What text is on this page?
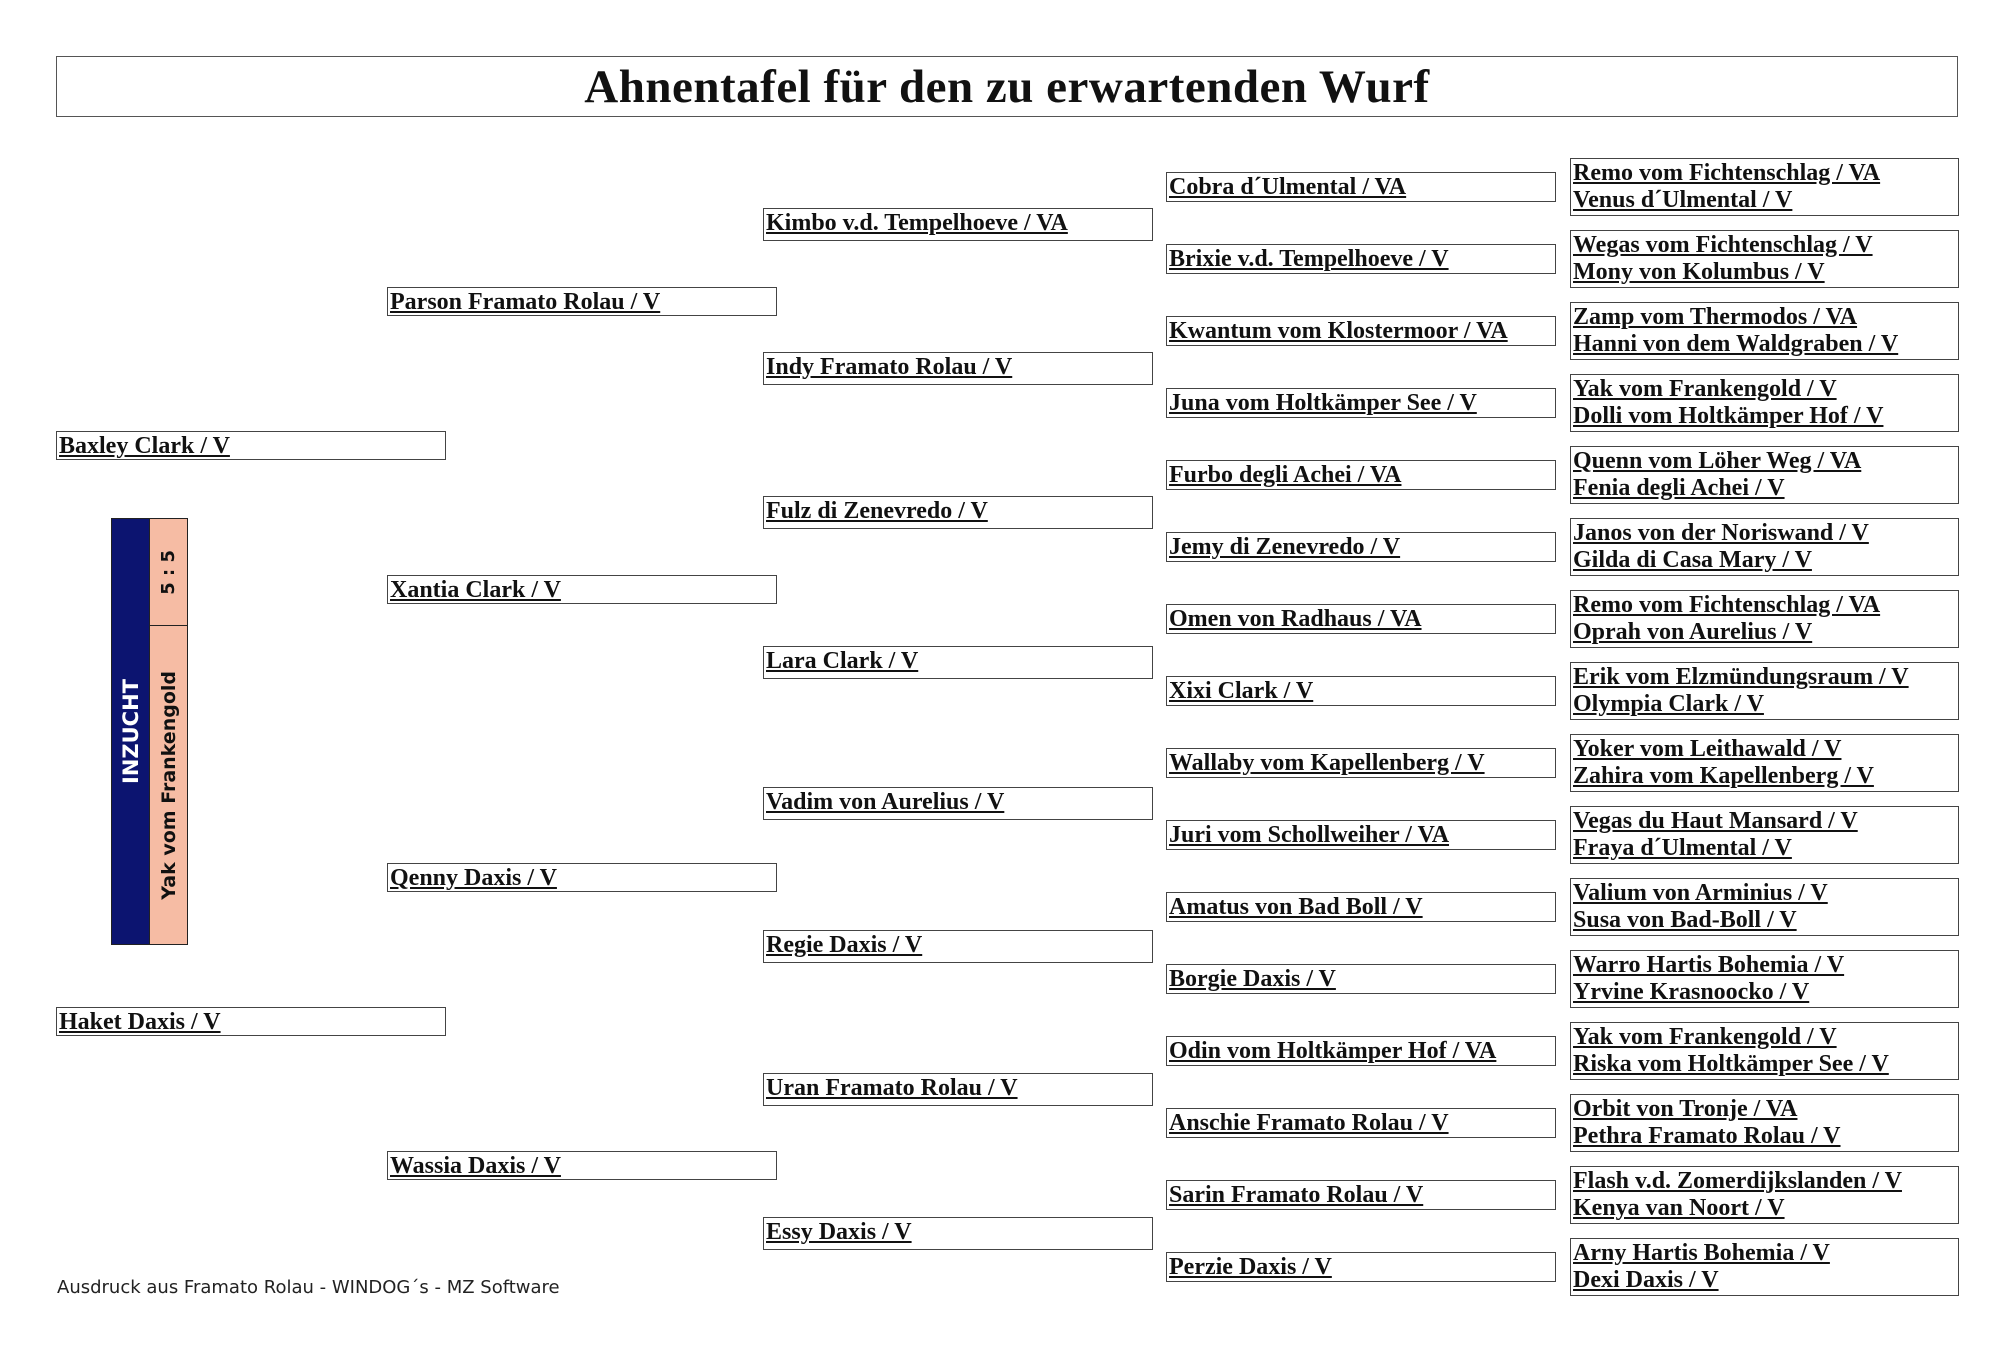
Ahnentafel für den zu erwartenden Wurf
Baxley Clark / V
Haket Daxis / V
Parson Framato Rolau / V
Xantia Clark / V
Qenny Daxis / V
Wassia Daxis / V
Kimbo v.d. Tempelhoeve / VA
Indy Framato Rolau / V
Fulz di Zenevredo / V
Lara Clark / V
Vadim von Aurelius / V
Regie Daxis / V
Uran Framato Rolau / V
Essy Daxis / V
Cobra d´Ulmental / VA
Brixie v.d. Tempelhoeve / V
Kwantum vom Klostermoor / VA
Juna vom Holtkämper See / V
Furbo degli Achei / VA
Jemy di Zenevredo / V
Omen von Radhaus / VA
Xixi Clark / V
Wallaby vom Kapellenberg / V
Juri vom Schollweiher / VA
Amatus von Bad Boll / V
Borgie Daxis / V
Odin vom Holtkämper Hof / VA
Anschie Framato Rolau / V
Sarin Framato Rolau / V
Perzie Daxis / V
Remo vom Fichtenschlag / VA
Venus d´Ulmental / V
Wegas vom Fichtenschlag / V
Mony von Kolumbus / V
Zamp vom Thermodos / VA
Hanni von dem Waldgraben / V
Yak vom Frankengold / V
Dolli vom Holtkämper Hof / V
Quenn vom Löher Weg / VA
Fenia degli Achei / V
Janos von der Noriswand / V
Gilda di Casa Mary / V
Remo vom Fichtenschlag / VA
Oprah von Aurelius / V
Erik vom Elzmündungsraum / V
Olympia Clark / V
Yoker vom Leithawald / V
Zahira vom Kapellenberg / V
Vegas du Haut Mansard / V
Fraya d´Ulmental / V
Valium von Arminius / V
Susa von Bad-Boll / V
Warro Hartis Bohemia / V
Yrvine Krasnoocko / V
Yak vom Frankengold / V
Riska vom Holtkämper See / V
Orbit von Tronje / VA
Pethra Framato Rolau / V
Flash v.d. Zomerdijkslanden / V
Kenya van Noort / V
Arny Hartis Bohemia / V
Dexi Daxis / V
INZUCHT
5 : 5
Yak vom Frankengold
Ausdruck aus Framato Rolau - WINDOG´s - MZ Software
